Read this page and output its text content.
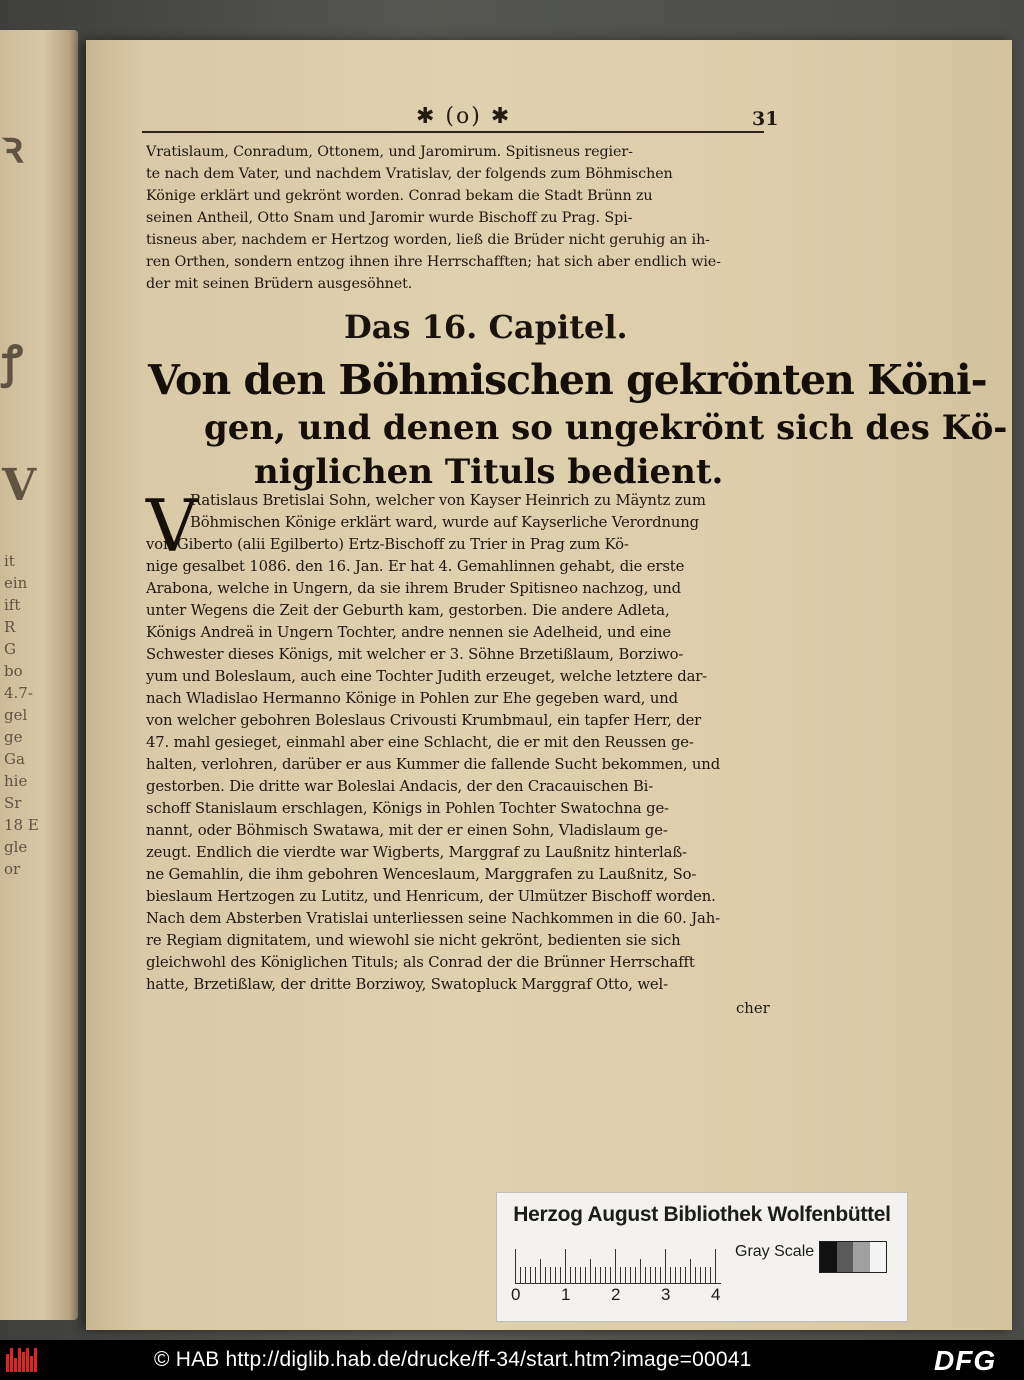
ꝛ
ꝭ
V
it
ein
ift
R
G
bo
4.7-
gel
ge
Ga
hie
Sr
18 E
gle
or
✱ (o) ✱	31
Vratislaum, Conradum, Ottonem, und Jaromirum. Spitisneus regier-
te nach dem Vater, und nachdem Vratislav, der folgends zum Böhmischen
Könige erklärt und gekrönt worden. Conrad bekam die Stadt Brünn zu
seinen Antheil, Otto Snam und Jaromir wurde Bischoff zu Prag. Spi-
tisneus aber, nachdem er Hertzog worden, ließ die Brüder nicht geruhig an ih-
ren Orthen, sondern entzog ihnen ihre Herrschafften; hat sich aber endlich wie-
der mit seinen Brüdern ausgesöhnet.
Das 16. Capitel.
Von den Böhmischen gekrönten Köni-
gen, und denen so ungekrönt sich des Kö-
niglichen Tituls bedient.
V
Ratislaus Bretislai Sohn, welcher von Kayser Heinrich zu Mäyntz zum
Böhmischen Könige erklärt ward, wurde auf Kayserliche Verordnung
von Giberto (alii Egilberto) Ertz-Bischoff zu Trier in Prag zum Kö-
nige gesalbet 1086. den 16. Jan. Er hat 4. Gemahlinnen gehabt, die erste
Arabona, welche in Ungern, da sie ihrem Bruder Spitisneo nachzog, und
unter Wegens die Zeit der Geburth kam, gestorben. Die andere Adleta,
Königs Andreä in Ungern Tochter, andre nennen sie Adelheid, und eine
Schwester dieses Königs, mit welcher er 3. Söhne Brzetißlaum, Borziwo-
yum und Boleslaum, auch eine Tochter Judith erzeuget, welche letztere dar-
nach Wladislao Hermanno Könige in Pohlen zur Ehe gegeben ward, und
von welcher gebohren Boleslaus Crivousti Krumbmaul, ein tapfer Herr, der
47. mahl gesieget, einmahl aber eine Schlacht, die er mit den Reussen ge-
halten, verlohren, darüber er aus Kummer die fallende Sucht bekommen, und
gestorben. Die dritte war Boleslai Andacis, der den Cracauischen Bi-
schoff Stanislaum erschlagen, Königs in Pohlen Tochter Swatochna ge-
nannt, oder Böhmisch Swatawa, mit der er einen Sohn, Vladislaum ge-
zeugt. Endlich die vierdte war Wigberts, Marggraf zu Laußnitz hinterlaß-
ne Gemahlin, die ihm gebohren Wenceslaum, Marggrafen zu Laußnitz, So-
bieslaum Hertzogen zu Lutitz, und Henricum, der Ulmützer Bischoff worden.
Nach dem Absterben Vratislai unterliessen seine Nachkommen in die 60. Jah-
re Regiam dignitatem, und wiewohl sie nicht gekrönt, bedienten sie sich
gleichwohl des Königlichen Tituls; als Conrad der die Brünner Herrschafft
hatte, Brzetißlaw, der dritte Borziwoy, Swatopluck Marggraf Otto, wel-
cher
Herzog August Bibliothek Wolfenbüttel
0 1 2 3 4
Gray Scale
© HAB http://diglib.hab.de/drucke/ff-34/start.htm?image=00041	DFG
